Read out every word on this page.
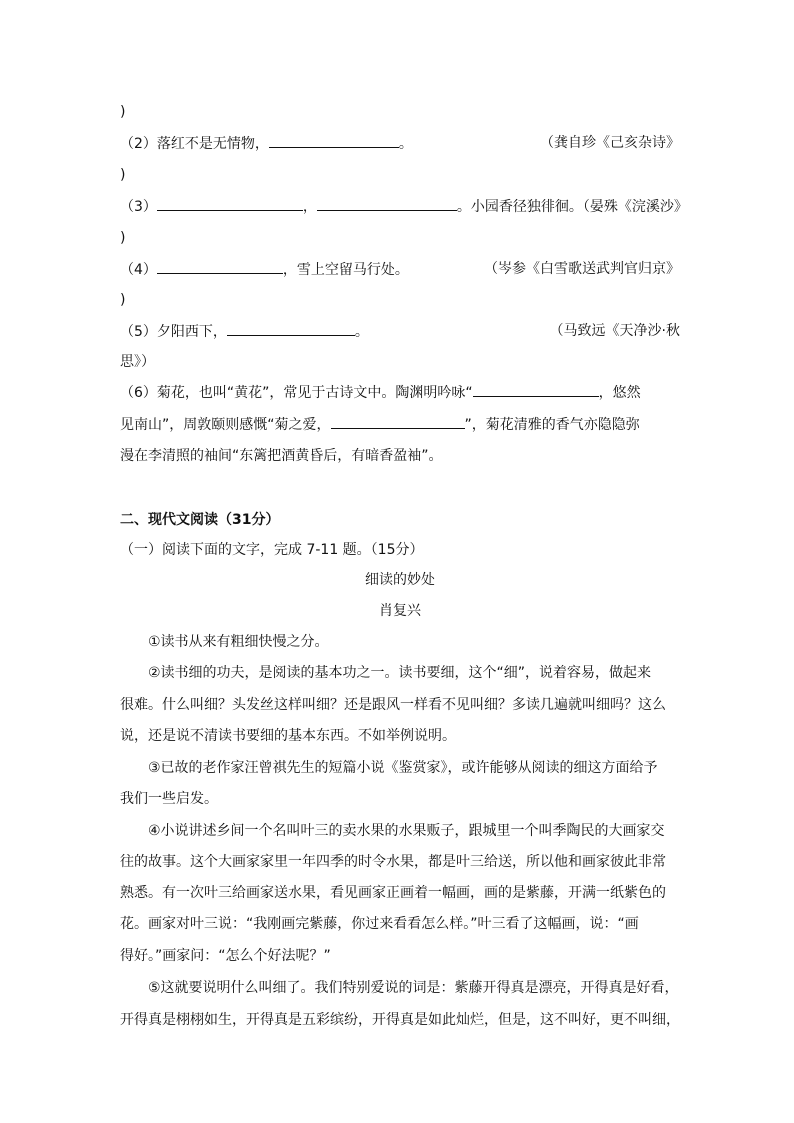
)
（2）落红不是无情物，	。	（龚自珍《己亥杂诗》
)
（3）	，	。小园香径独徘徊。（晏殊《浣溪沙》
)
（4）	，雪上空留马行处。	（岑参《白雪歌送武判官归京》
)
（5）夕阳西下，	。	（马致远《天净沙·秋
思》）
（6）菊花，也叫“黄花”，常见于古诗文中。陶渊明吟咏“	，悠然
见南山”，周敦颐则感慨“菊之爱，	”，菊花清雅的香气亦隐隐弥
漫在李清照的袖间“东篱把酒黄昏后，有暗香盈袖”。
二、现代文阅读（31分）
（一）阅读下面的文字，完成 7-11 题。（15分）
细读的妙处
肖复兴
①读书从来有粗细快慢之分。
②读书细的功夫，是阅读的基本功之一。读书要细，这个“细”，说着容易，做起来
很难。什么叫细？头发丝这样叫细？还是跟风一样看不见叫细？多读几遍就叫细吗？这么
说，还是说不清读书要细的基本东西。不如举例说明。
③已故的老作家汪曾祺先生的短篇小说《鉴赏家》，或许能够从阅读的细这方面给予
我们一些启发。
④小说讲述乡间一个名叫叶三的卖水果的水果贩子，跟城里一个叫季陶民的大画家交
往的故事。这个大画家家里一年四季的时令水果，都是叶三给送，所以他和画家彼此非常
熟悉。有一次叶三给画家送水果，看见画家正画着一幅画，画的是紫藤，开满一纸紫色的
花。画家对叶三说：“我刚画完紫藤，你过来看看怎么样。”叶三看了这幅画，说：“画
得好。”画家问：“怎么个好法呢？”
⑤这就要说明什么叫细了。我们特别爱说的词是：紫藤开得真是漂亮，开得真是好看，
开得真是栩栩如生，开得真是五彩缤纷，开得真是如此灿烂，但是，这不叫好，更不叫细，
